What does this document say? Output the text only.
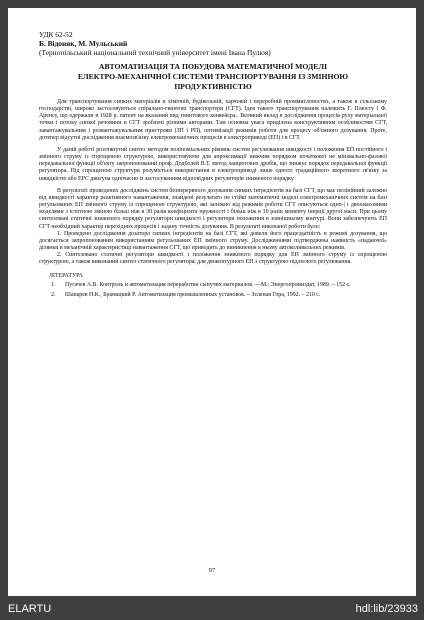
УДК 62-52
Б. Відоняк, М. Мульський
(Тернопільський національний технічний університет імені Івана Пулюя)
АВТОМАТИЗАЦІЯ ТА ПОБУДОВА МАТЕМАТИЧНОЇ МОДЕЛІ
ЕЛЕКТРО-МЕХАНІЧНОЇ СИСТЕМИ ТРАНСПОРТУВАННЯ ІЗ ЗМІННОЮ
ПРОДУКТИВНІСТЮ

Для транспортування сипких матеріалів в хімічній, будівельній, харчовій і переробній проммисловостях, а також в сільському господарстві, широко застосовуються спірально-гвинтові транспортери (СГТ). Ідея такого транспортування належить Г. Плюсту і Ф. Аренсу, що одержали в 1928 р. патент на вказаний вид гвинтового конвейєра.. Великий вклад в дослідження процесів руху матеріальної точки і потоку сипкої речовини в СГТ зроблені різними авторами. Там основна увага приділена конструктивним особливостям СГТ, завантажувальним і розвантажувальним пристроям (ЗП і РП), оптимізації режимів роботи для процесу об'ємного дозування. Проте, дотепер відсутні дослідження взаємозв'язку електромеханічних процесів в електроприводі (ЕП) і в СГТ.

У даній роботі розглянутий синтез методом поліноміальних рівнянь систем регулювання швидкості і положення ЕП постійного і змінного струму із спрощеною структурою, використовуючи для апроксимації нижчим порядком початкової не мінімально-фазової передавальної функції об'єкту запропонований проф. Дод6олей В.Т. метод ланцюгових дробів, що знижує порядок передавальної функції регулятора. Під спрощеною структури розуміється використання в електроприводі лише одного традиційного зворотного зв'язку за швидкістю або ЕРС двигуна одночасно із застосуванням відповідних регуляторів зниженого порядку.

В результаті проведених досліджень систем безперервного дозування сипких інгредієнтів на базі СГТ, що має нелінійний залежно від швидкості характер реактивного навантаження, знайдені результато не стійкі математичні моделі електромеханічних систем на базі регульованих ЕП змінного струму із спрощеною структурою, які залежно від режимів роботи СГТ описуються одно-| і двохмасовими моделями з істотною зміною більш ніж в 30 разів коефіцієнта пружності і більш ніж в 10 разів моменту інерції другої маси. При цьому синтезовані статичні зниженого порядку регулятори швидкості і регулятори положення в зовнішньому контурі. Вони забезпечують ЕП СГТ необхідний характер перехідних процесів і задану точність дозування. В результаті виконаної роботи було:

1. Проведено дослідження дозатора сипких інгредієнтів на базі СГТ, які довели його працездатність в режимі дозування, що досягається запропонованим використанням регульованих ЕП змінного струму. Дослідженнями підтверджена наявність «падаючої» ділянки в механічній характеристиці навантаження СГТ, що приводить до виникнення в ньому автоколивальних режимів.

2. Синтезовано статичні регулятори швидкості і положення зниженого порядку для ЕП змінного струму із спрощеною структурою, а також виконаний синтез статичного регулятора| для двоконтурного ЕП з структурою підлеглого регулювання.

ЛІТЕРАТУРА
1.	Пугачев А.В. Контроль и автоматизация переработки сыпучих материалов. —М.: Энергопромиздат, 1989. – 152 с.
2.	Шапарев Н.К., Браницкий Р. Автоматизация промышленных установок. – Зеленая Гора, 1992. – 210 с.
97
ELARTU	hdl:lib/23933
